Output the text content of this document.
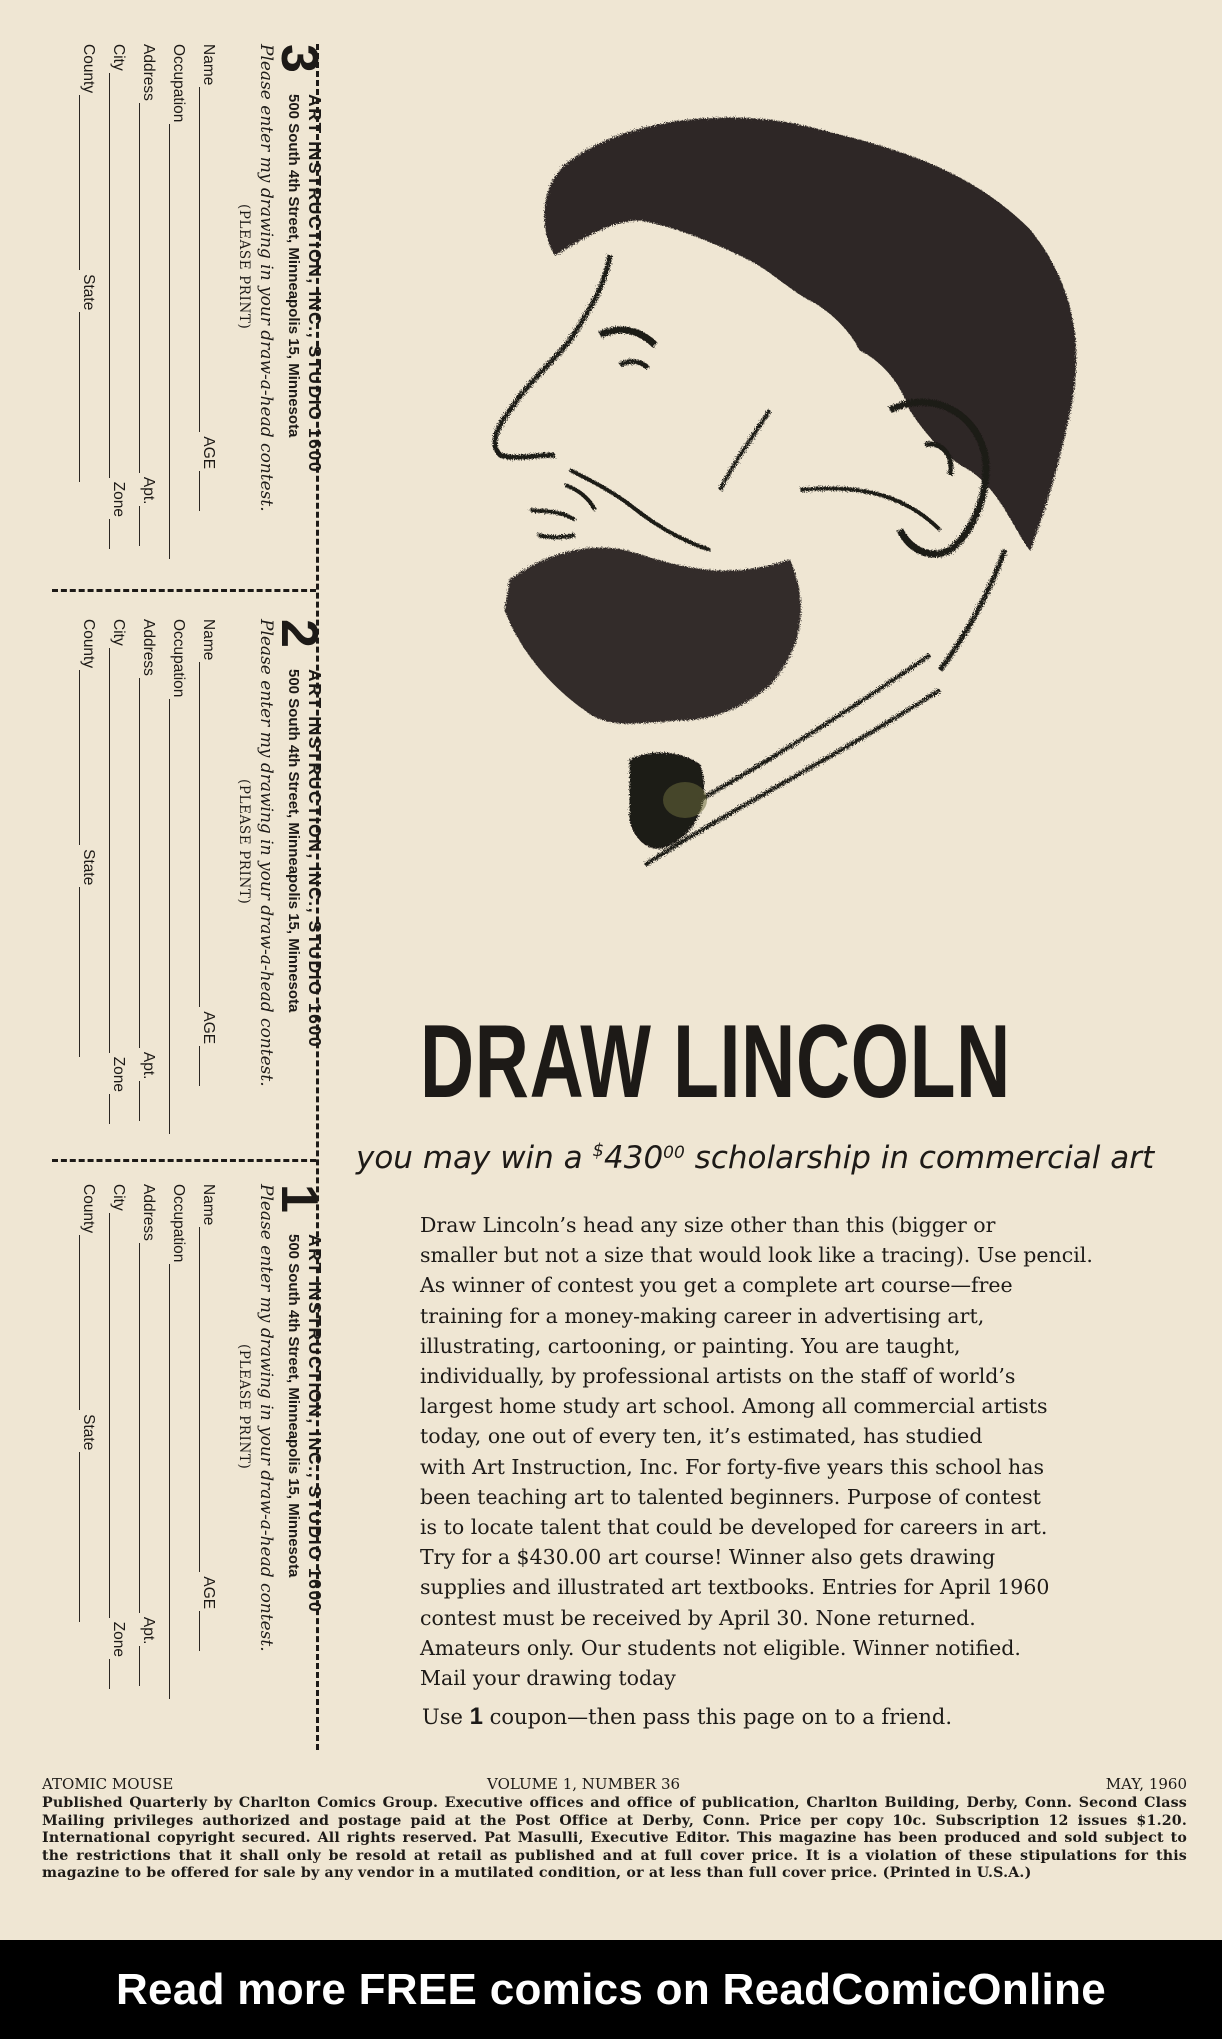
3
ART INSTRUCTION, INC., STUDIO 1600
500 South 4th Street, Minneapolis 15, Minnesota
Please enter my drawing in your draw-a-head contest.
(PLEASE PRINT)
Name
AGE
Occupation
Address
Apt.
City
Zone
County
State
2
ART INSTRUCTION, INC., STUDIO 1600
500 South 4th Street, Minneapolis 15, Minnesota
Please enter my drawing in your draw-a-head contest.
(PLEASE PRINT)
Name
AGE
Occupation
Address
Apt.
City
Zone
County
State
1
ART INSTRUCTION, INC., STUDIO 1600
500 South 4th Street, Minneapolis 15, Minnesota
Please enter my drawing in your draw-a-head contest.
(PLEASE PRINT)
Name
AGE
Occupation
Address
Apt.
City
Zone
County
State
DRAW LINCOLN
you may win a $^{\$}430^{00}$ scholarship in commercial art

Draw Lincoln’s head any size other than this (bigger or

smaller but not a size that would look like a tracing). Use pencil.

As winner of contest you get a complete art course—free

training for a money-making career in advertising art,

illustrating, cartooning, or painting. You are taught,

individually, by professional artists on the staff of world’s

largest home study art school. Among all commercial artists

today, one out of every ten, it’s estimated, has studied

with Art Instruction, Inc. For forty-five years this school has

been teaching art to talented beginners. Purpose of contest

is to locate talent that could be developed for careers in art.

Try for a $430.00 art course! Winner also gets drawing

supplies and illustrated art textbooks. Entries for April 1960

contest must be received by April 30. None returned.

Amateurs only. Our students not eligible. Winner notified.

Mail your drawing today

Use 1 coupon—then pass this page on to a friend.
ATOMIC MOUSE	VOLUME 1, NUMBER 36	MAY, 1960
Published Quarterly by Charlton Comics Group. Executive offices and office of publication, Charlton Building, Derby, Conn. Second Class Mailing privileges authorized and postage paid at the Post Office at Derby, Conn. Price per copy 10c. Subscription 12 issues $1.20. International copyright secured. All rights reserved. Pat Masulli, Executive Editor. This magazine has been produced and sold subject to the restrictions that it shall only be resold at retail as published and at full cover price. It is a violation of these stipulations for this magazine to be offered for sale by any vendor in a mutilated condition, or at less than full cover price. (Printed in U.S.A.)
Read more FREE comics on ReadComicOnline
